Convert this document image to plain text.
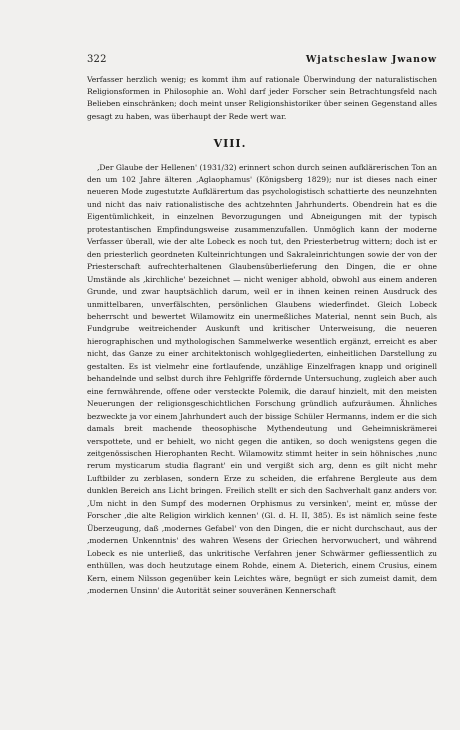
322	Wjatscheslaw Jwanow

Verfasser herzlich wenig; es kommt ihm auf rationale Überwindung der naturalistischen Religionsformen in Philosophie an. Wohl darf jeder Forscher sein Betrachtungsfeld nach Belieben einschränken; doch meint unser Religionshistoriker über seinen Gegenstand alles gesagt zu haben, was überhaupt der Rede wert war.

VIII.

‚Der Glaube der Hellenen' (1931/32) erinnert schon durch seinen aufklärerischen Ton an den um 102 Jahre älteren ‚Aglaophamus' (Königsberg 1829); nur ist dieses nach einer neueren Mode zugestutzte Aufklärertum das psychologistisch schattierte des neunzehnten und nicht das naiv rationalistische des achtzehnten Jahrhunderts. Obendrein hat es die Eigentümlichkeit, in einzelnen Bevorzugungen und Abneigungen mit der typisch protestantischen Empfindungsweise zusammenzufallen. Unmöglich kann der moderne Verfasser überall, wie der alte Lobeck es noch tut, den Priesterbetrug wittern; doch ist er den priesterlich geordneten Kulteinrichtungen und Sakraleinrichtungen sowie der von der Priesterschaft aufrechterhaltenen Glaubensüberlieferung den Dingen, die er ohne Umstände als ‚kirchliche' bezeichnet — nicht weniger abhold, obwohl aus einem anderen Grunde, und zwar hauptsächlich darum, weil er in ihnen keinen reinen Ausdruck des unmittelbaren, unverfälschten, persönlichen Glaubens wiederfindet. Gleich Lobeck beherrscht und bewertet Wilamowitz ein unermeßliches Material, nennt sein Buch, als Fundgrube weitreichender Auskunft und kritischer Unterweisung, die neueren hierographischen und mythologischen Sammelwerke wesentlich ergänzt, erreicht es aber nicht, das Ganze zu einer architektonisch wohlgegliederten, einheitlichen Darstellung zu gestalten. Es ist vielmehr eine fortlaufende, unzählige Einzelfragen knapp und originell behandelnde und selbst durch ihre Fehlgriffe fördernde Untersuchung, zugleich aber auch eine fernwährende, offene oder versteckte Polemik, die darauf hinzielt, mit den meisten Neuerungen der religionsgeschichtlichen Forschung gründlich aufzuräumen. Ähnliches bezweckte ja vor einem Jahrhundert auch der bissige Schüler Hermanns, indem er die sich damals breit machende theosophische Mythendeutung und Geheimniskrämerei verspottete, und er behielt, wo nicht gegen die antiken, so doch wenigstens gegen die zeitgenössischen Hierophanten Recht. Wilamowitz stimmt heiter in sein höhnisches ‚nunc rerum mysticarum studia flagrant' ein und vergißt sich arg, denn es gilt nicht mehr Luftbilder zu zerblasen, sondern Erze zu scheiden, die erfahrene Bergleute aus dem dunklen Bereich ans Licht bringen. Freilich stellt er sich den Sachverhalt ganz anders vor. ‚Um nicht in den Sumpf des modernen Orphismus zu versinken', meint er, müsse der Forscher ‚die alte Religion wirklich kennen' (Gl. d. H. II, 385). Es ist nämlich seine feste Überzeugung, daß ‚modernes Gefabel' von den Dingen, die er nicht durchschaut, aus der ‚modernen Unkenntnis' des wahren Wesens der Griechen hervorwuchert, und während Lobeck es nie unterließ, das unkritische Verfahren jener Schwärmer gefliessentlich zu enthüllen, was doch heutzutage einem Rohde, einem A. Dieterich, einem Crusius, einem Kern, einem Nilsson gegenüber kein Leichtes wäre, begnügt er sich zumeist damit, dem ‚modernen Unsinn' die Autorität seiner souveränen Kennerschaft
